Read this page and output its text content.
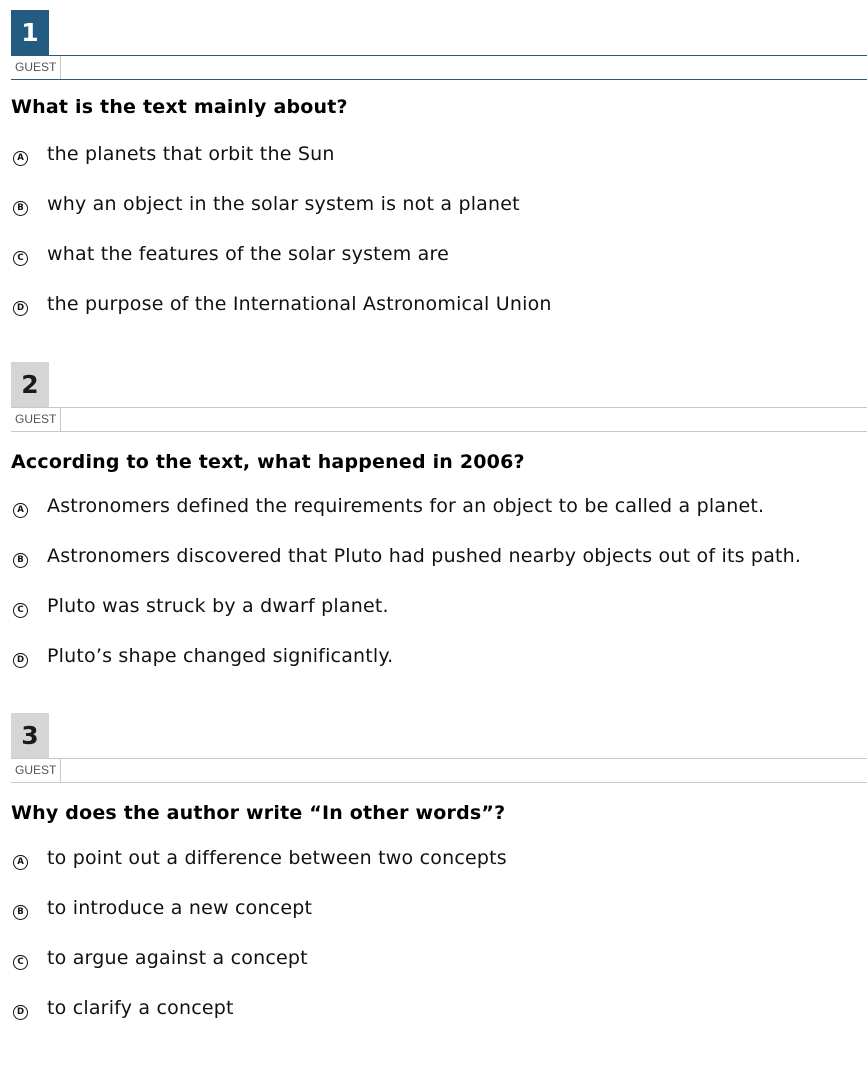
1
GUEST
What is the text mainly about?
A the planets that orbit the Sun
B why an object in the solar system is not a planet
C what the features of the solar system are
D the purpose of the International Astronomical Union
2
GUEST
According to the text, what happened in 2006?
A Astronomers defined the requirements for an object to be called a planet.
B Astronomers discovered that Pluto had pushed nearby objects out of its path.
C Pluto was struck by a dwarf planet.
D Pluto’s shape changed significantly.
3
GUEST
Why does the author write “In other words”?
A to point out a difference between two concepts
B to introduce a new concept
C to argue against a concept
D to clarify a concept
